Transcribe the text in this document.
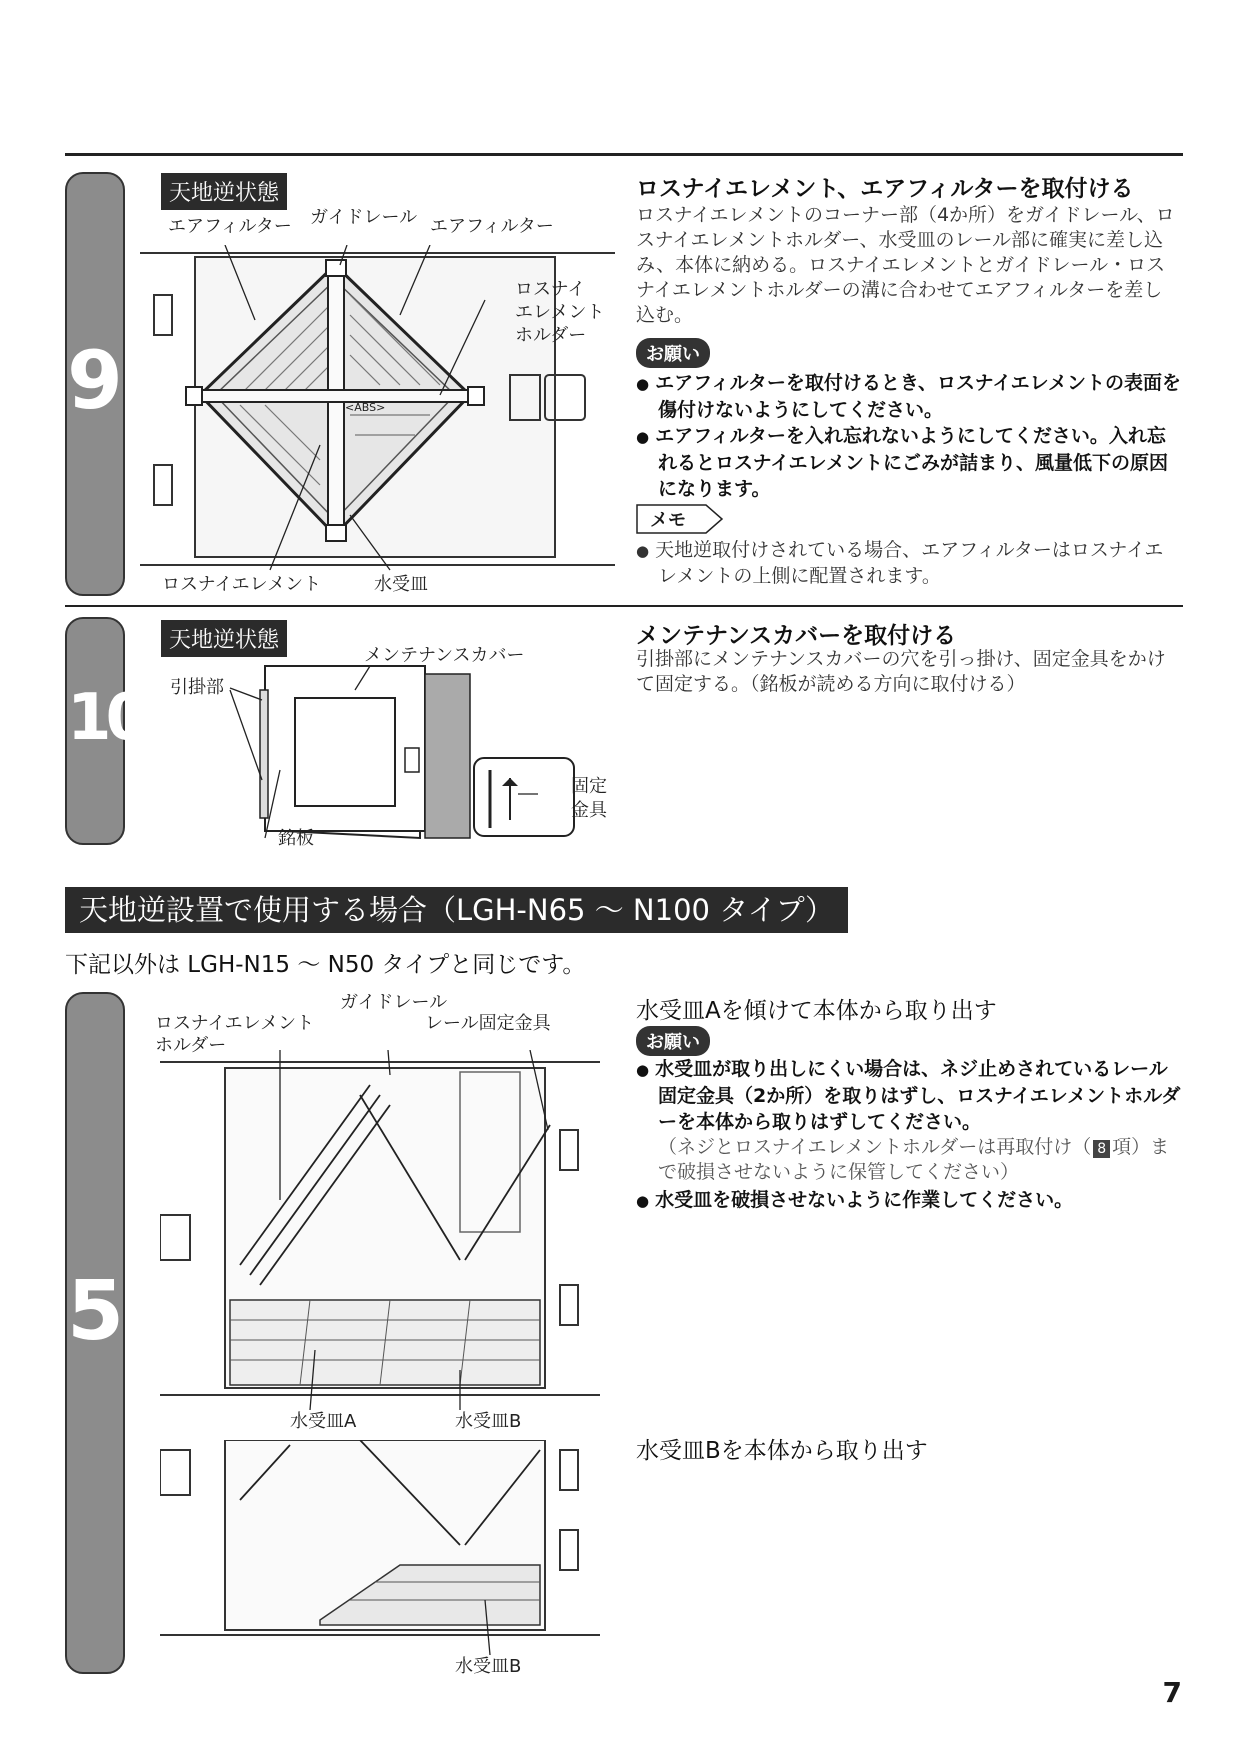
9
天地逆状態
エアフィルター ガイドレール エアフィルター
ロスナイ
エレメント
ホルダー
<ABS>
ロスナイエレメント	水受皿
ロスナイエレメント、エアフィルターを取付ける
ロスナイエレメントのコーナー部（4か所）をガイドレール、ロスナイエレメントホルダー、水受皿のレール部に確実に差し込み、本体に納める。ロスナイエレメントとガイドレール・ロスナイエレメントホルダーの溝に合わせてエアフィルターを差し込む。
お願い
● エアフィルターを取付けるとき、ロスナイエレメントの表面を傷付けないようにしてください。
● エアフィルターを入れ忘れないようにしてください。入れ忘れるとロスナイエレメントにごみが詰まり、風量低下の原因になります。
メモ
● 天地逆取付けされている場合、エアフィルターはロスナイエレメントの上側に配置されます。
10
天地逆状態
引掛部
メンテナンスカバー
銘板
固定
金具
メンテナンスカバーを取付ける
引掛部にメンテナンスカバーの穴を引っ掛け、固定金具をかけて固定する。（銘板が読める方向に取付ける）
天地逆設置で使用する場合（LGH-N65 ～ N100 タイプ）
下記以外は LGH-N15 ～ N50 タイプと同じです。
5
ガイドレール
ロスナイエレメント
ホルダー
レール固定金具
水受皿A	水受皿B
水受皿B
水受皿Aを傾けて本体から取り出す
お願い
● 水受皿が取り出しにくい場合は、ネジ止めされているレール固定金具（2か所）を取りはずし、ロスナイエレメントホルダーを本体から取りはずしてください。
（ネジとロスナイエレメントホルダーは再取付け（ 8 項）まで破損させないように保管してください）
● 水受皿を破損させないように作業してください。
水受皿Bを本体から取り出す
7
